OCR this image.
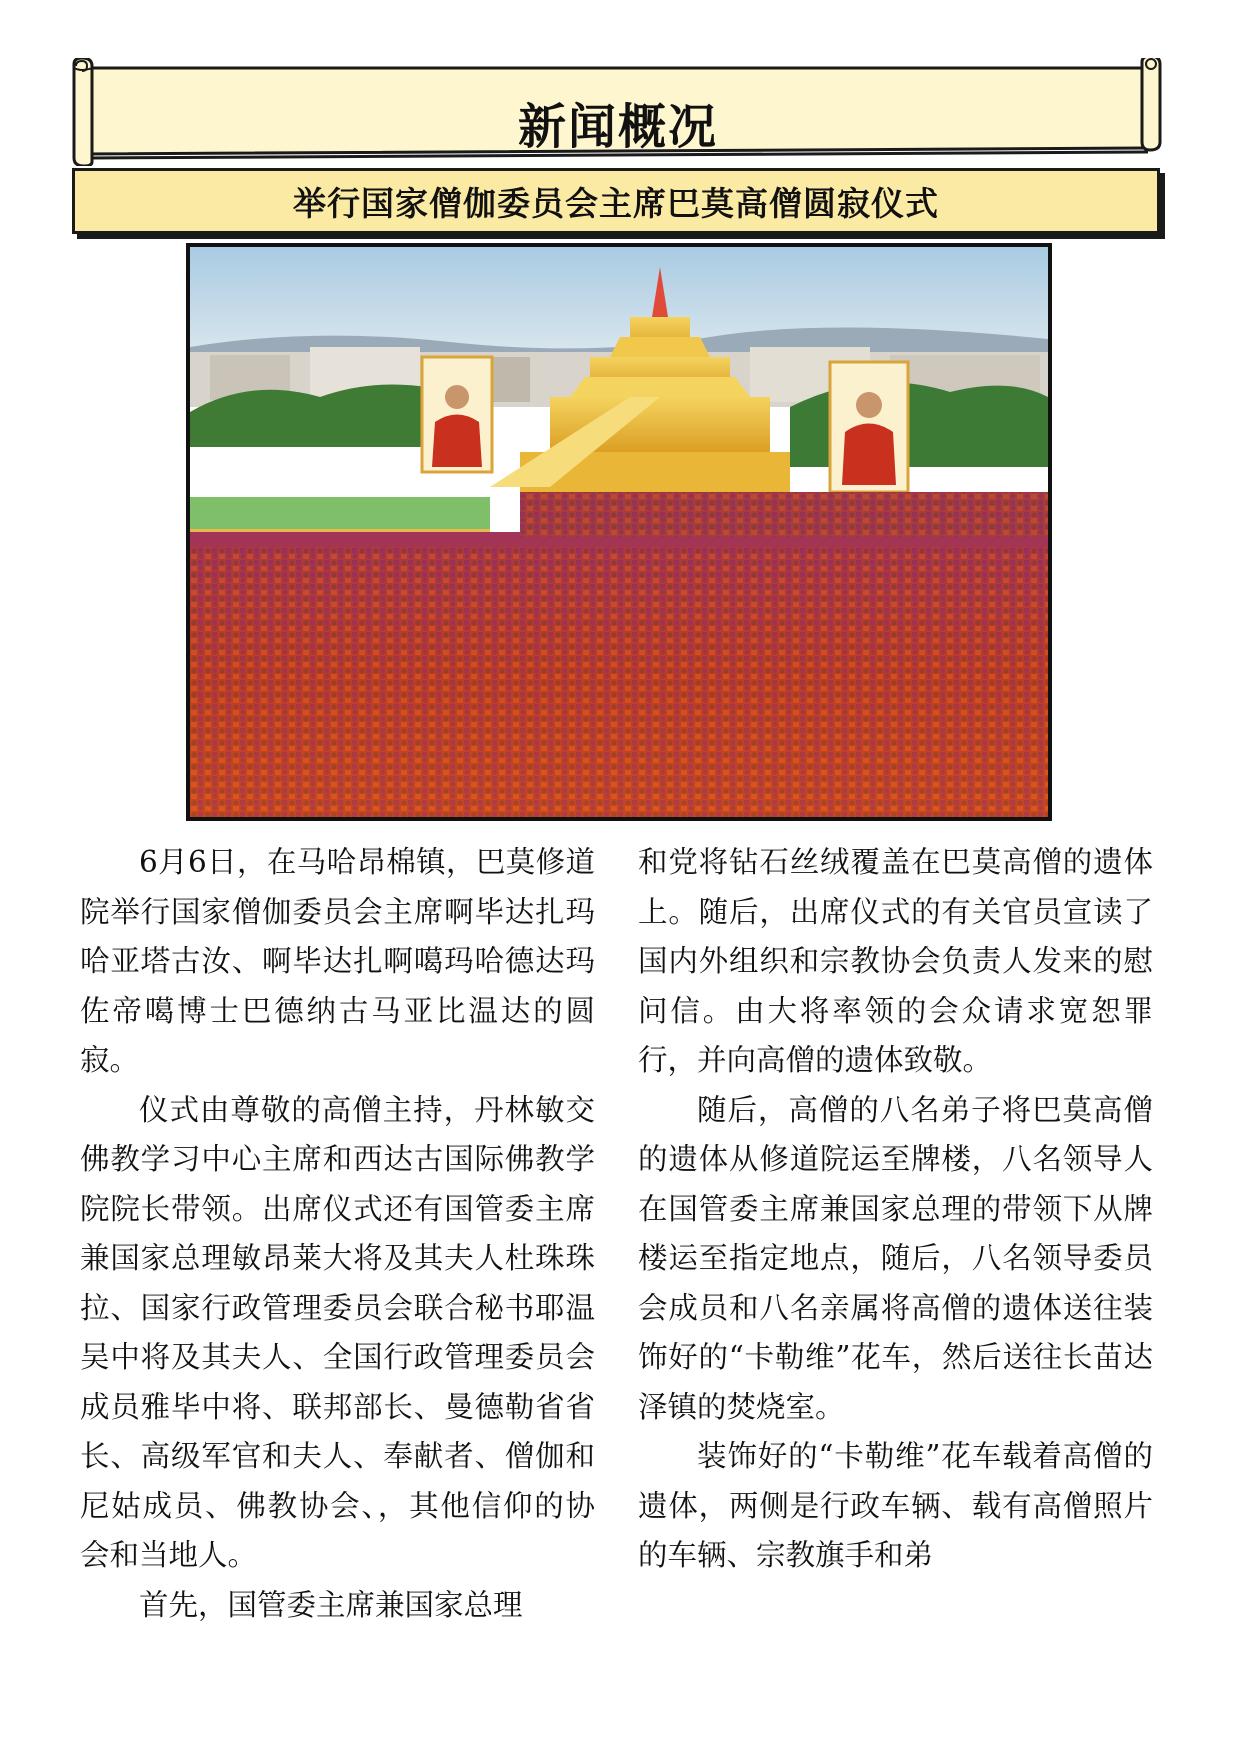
新闻概况
举行国家僧伽委员会主席巴莫高僧圆寂仪式

6月6日，在马哈昂棉镇，巴莫修道院举行国家僧伽委员会主席啊毕达扎玛哈亚塔古汝、啊毕达扎啊噶玛哈德达玛佐帝噶博士巴德纳古马亚比温达的圆寂。

仪式由尊敬的高僧主持，丹林敏交佛教学习中心主席和西达古国际佛教学院院长带领。出席仪式还有国管委主席兼国家总理敏昂莱大将及其夫人杜珠珠拉、国家行政管理委员会联合秘书耶温吴中将及其夫人、全国行政管理委员会成员雅毕中将、联邦部长、曼德勒省省长、高级军官和夫人、奉献者、僧伽和尼姑成员、佛教协会、，其他信仰的协会和当地人。

首先，国管委主席兼国家总理

和党将钻石丝绒覆盖在巴莫高僧的遗体上。随后，出席仪式的有关官员宣读了国内外组织和宗教协会负责人发来的慰问信。由大将率领的会众请求宽恕罪行，并向高僧的遗体致敬。

随后，高僧的八名弟子将巴莫高僧的遗体从修道院运至牌楼，八名领导人在国管委主席兼国家总理的带领下从牌楼运至指定地点，随后，八名领导委员会成员和八名亲属将高僧的遗体送往装饰好的“卡勒维”花车，然后送往长苗达泽镇的焚烧室。

装饰好的“卡勒维”花车载着高僧的遗体，两侧是行政车辆、载有高僧照片的车辆、宗教旗手和弟
